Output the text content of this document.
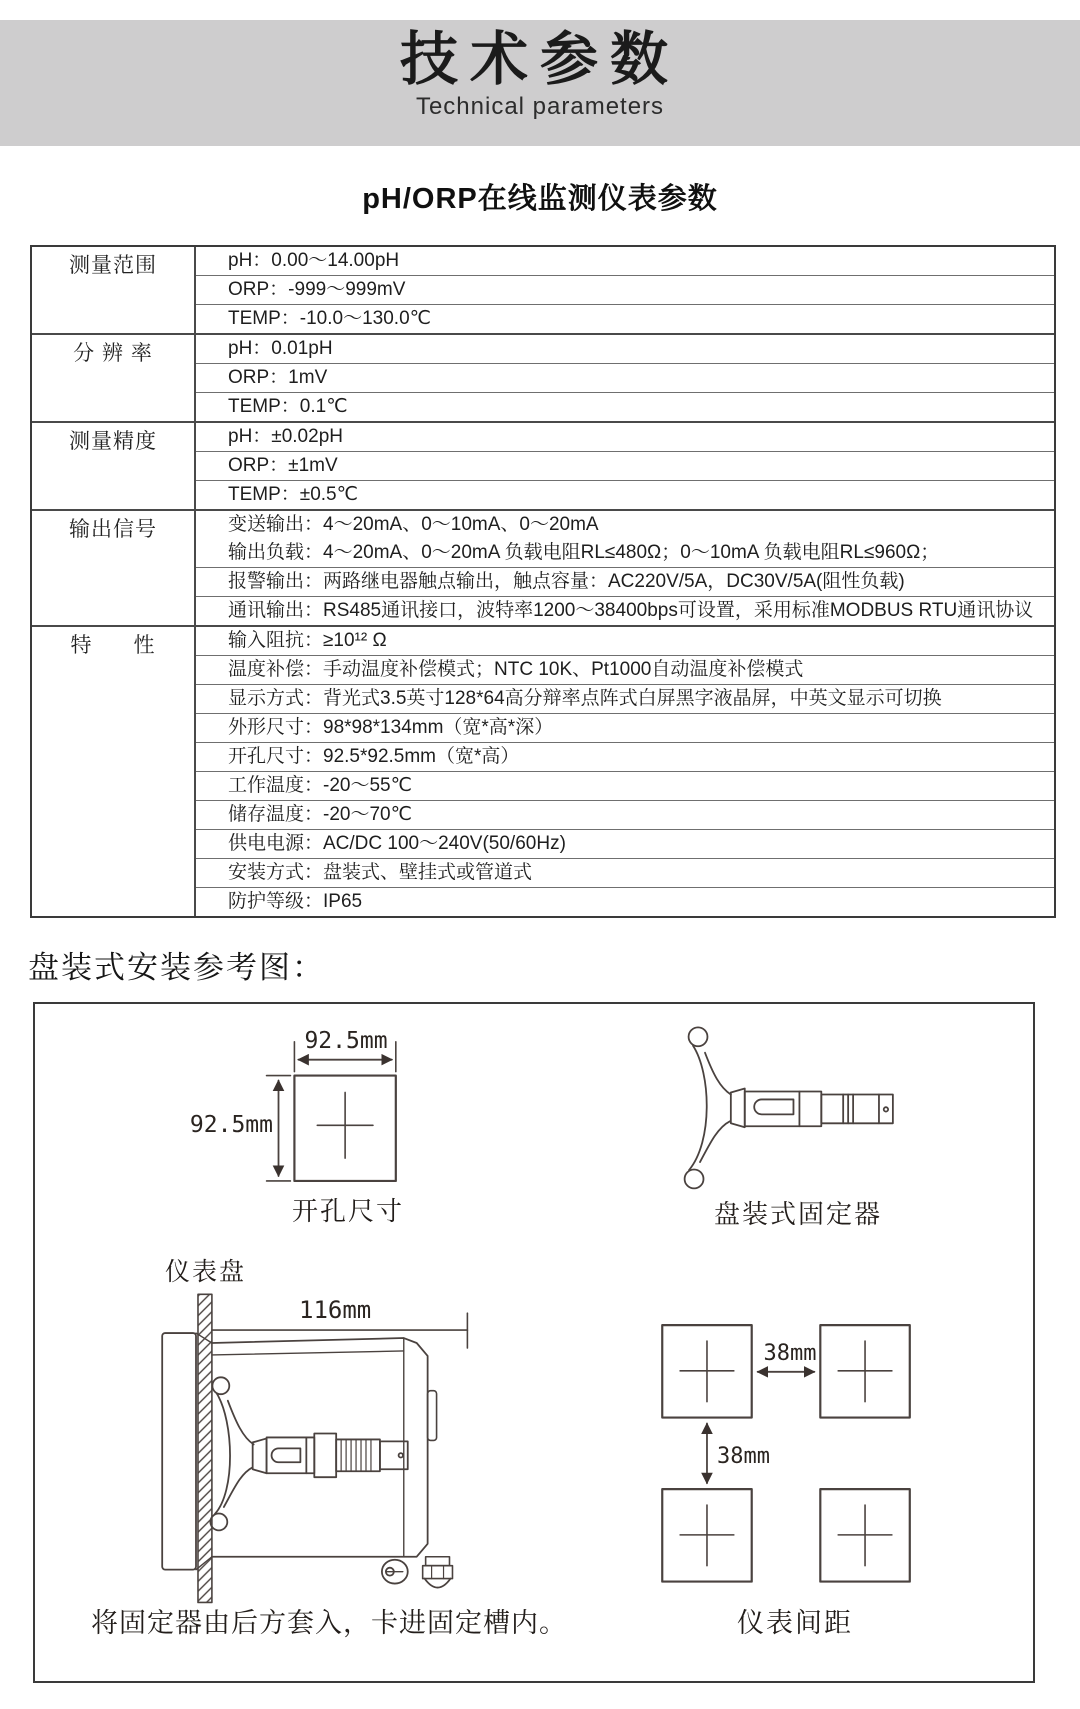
技术参数
Technical parameters
pH/ORP在线监测仪表参数
测量范围	pH：0.00～14.00pH
ORP：-999～999mV
TEMP：-10.0～130.0℃
分 辨 率	pH：0.01pH
ORP：1mV
TEMP：0.1℃
测量精度	pH：±0.02pH
ORP：±1mV
TEMP：±0.5℃
输出信号	变送输出：4～20mA、0～10mA、0～20mA
输出负载：4～20mA、0～20mA 负载电阻RL≤480Ω；0～10mA 负载电阻RL≤960Ω；
报警输出：两路继电器触点输出，触点容量：AC220V/5A，DC30V/5A(阻性负载)
通讯输出：RS485通讯接口，波特率1200～38400bps可设置，采用标准MODBUS RTU通讯协议
特      性	输入阻抗：≥10¹² Ω
温度补偿：手动温度补偿模式；NTC 10K、Pt1000自动温度补偿模式
显示方式：背光式3.5英寸128*64高分辩率点阵式白屏黑字液晶屏，中英文显示可切换
外形尺寸：98*98*134mm（宽*高*深）
开孔尺寸：92.5*92.5mm（宽*高）
工作温度：-20～55℃
储存温度：-20～70℃
供电电源：AC/DC 100～240V(50/60Hz)
安装方式：盘装式、壁挂式或管道式
防护等级：IP65
盘装式安装参考图：
92.5mm
92.5mm
开孔尺寸	盘装式固定器
仪表盘
116mm
38mm
38mm
仪表间距
将固定器由后方套入，卡进固定槽内。
